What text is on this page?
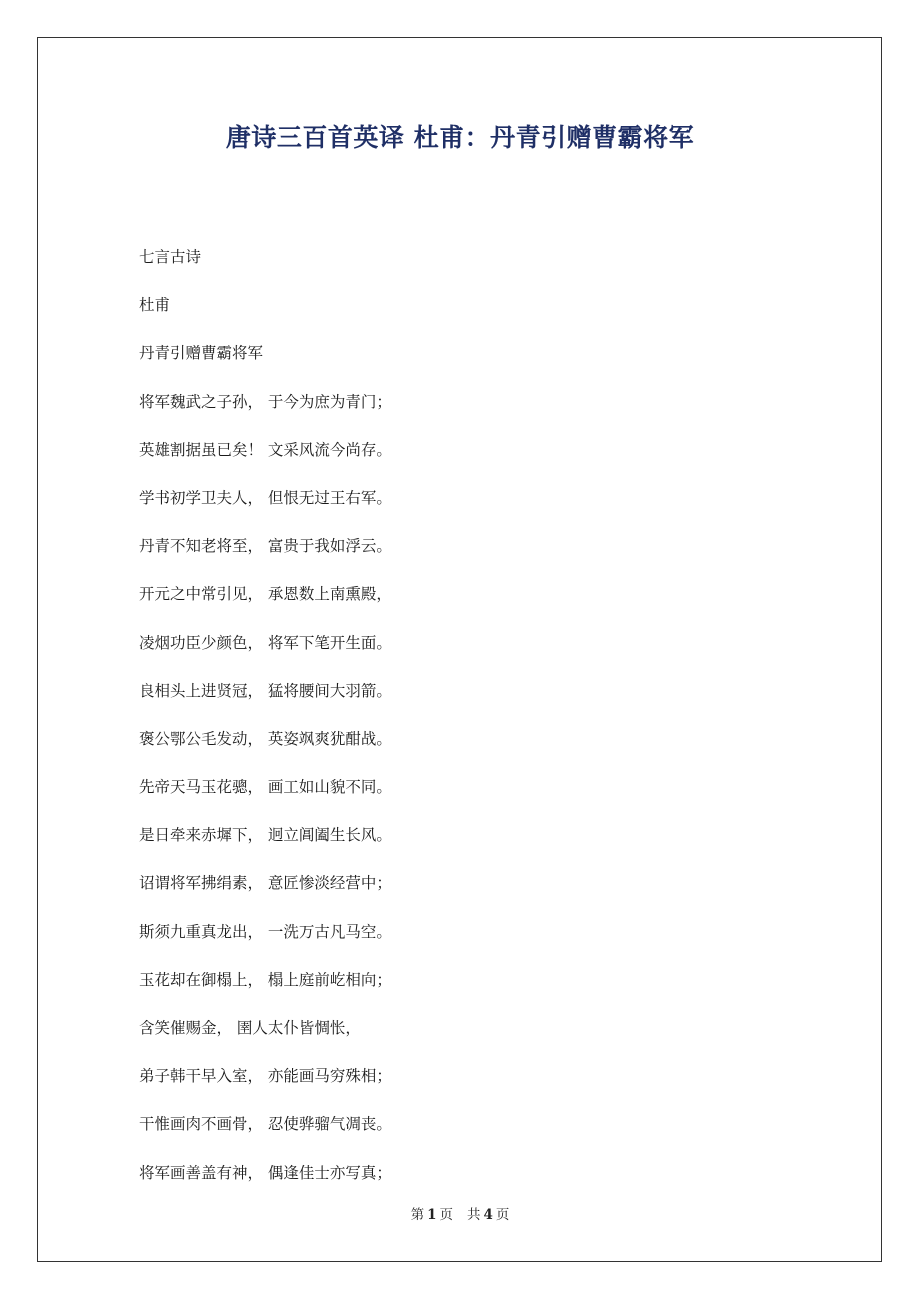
唐诗三百首英译 杜甫：丹青引赠曹霸将军
七言古诗
杜甫
丹青引赠曹霸将军
将军魏武之子孙， 于今为庶为青门；
英雄割据虽已矣！ 文采风流今尚存。
学书初学卫夫人， 但恨无过王右军。
丹青不知老将至， 富贵于我如浮云。
开元之中常引见， 承恩数上南熏殿，
凌烟功臣少颜色， 将军下笔开生面。
良相头上进贤冠， 猛将腰间大羽箭。
褒公鄂公毛发动， 英姿飒爽犹酣战。
先帝天马玉花骢， 画工如山貌不同。
是日牵来赤墀下， 迥立阊阖生长风。
诏谓将军拂绢素， 意匠惨淡经营中；
斯须九重真龙出， 一洗万古凡马空。
玉花却在御榻上， 榻上庭前屹相向；
含笑催赐金， 圉人太仆皆惆怅，
弟子韩干早入室， 亦能画马穷殊相；
干惟画肉不画骨， 忍使骅骝气凋丧。
将军画善盖有神， 偶逢佳士亦写真；
第 1 页 共 4 页
